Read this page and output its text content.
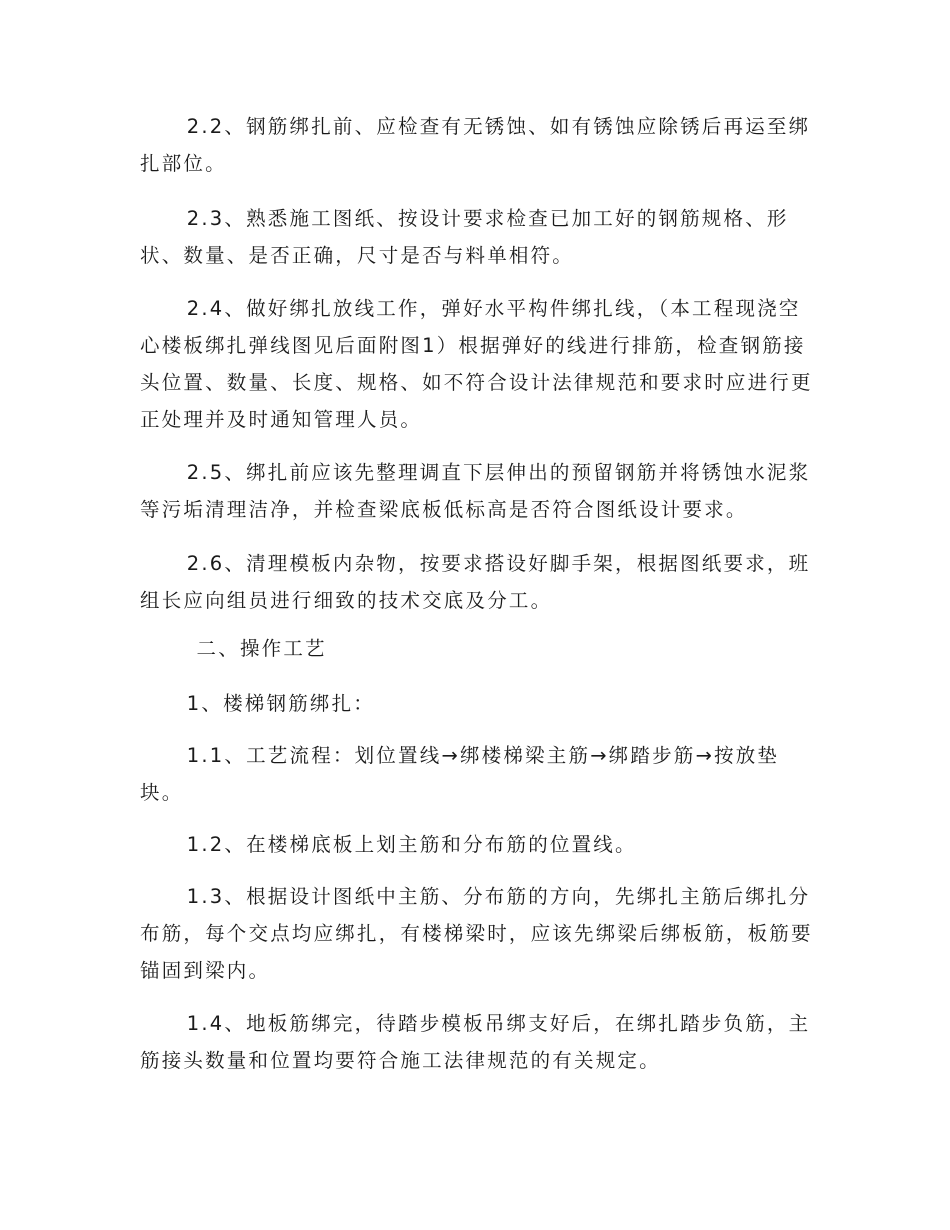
2.2、钢筋绑扎前、应检查有无锈蚀、如有锈蚀应除锈后再运至绑扎部位。

2.3、熟悉施工图纸、按设计要求检查已加工好的钢筋规格、形状、数量、是否正确，尺寸是否与料单相符。

2.4、做好绑扎放线工作，弹好水平构件绑扎线，（本工程现浇空心楼板绑扎弹线图见后面附图1）根据弹好的线进行排筋，检查钢筋接头位置、数量、长度、规格、如不符合设计法律规范和要求时应进行更正处理并及时通知管理人员。

2.5、绑扎前应该先整理调直下层伸出的预留钢筋并将锈蚀水泥浆等污垢清理洁净，并检查梁底板低标高是否符合图纸设计要求。

2.6、清理模板内杂物，按要求搭设好脚手架，根据图纸要求，班组长应向组员进行细致的技术交底及分工。

二、操作工艺

1、楼梯钢筋绑扎：

1.1、工艺流程：划位置线→绑楼梯梁主筋→绑踏步筋→按放垫块。

1.2、在楼梯底板上划主筋和分布筋的位置线。

1.3、根据设计图纸中主筋、分布筋的方向，先绑扎主筋后绑扎分布筋，每个交点均应绑扎，有楼梯梁时，应该先绑梁后绑板筋，板筋要锚固到梁内。

1.4、地板筋绑完，待踏步模板吊绑支好后，在绑扎踏步负筋，主筋接头数量和位置均要符合施工法律规范的有关规定。
